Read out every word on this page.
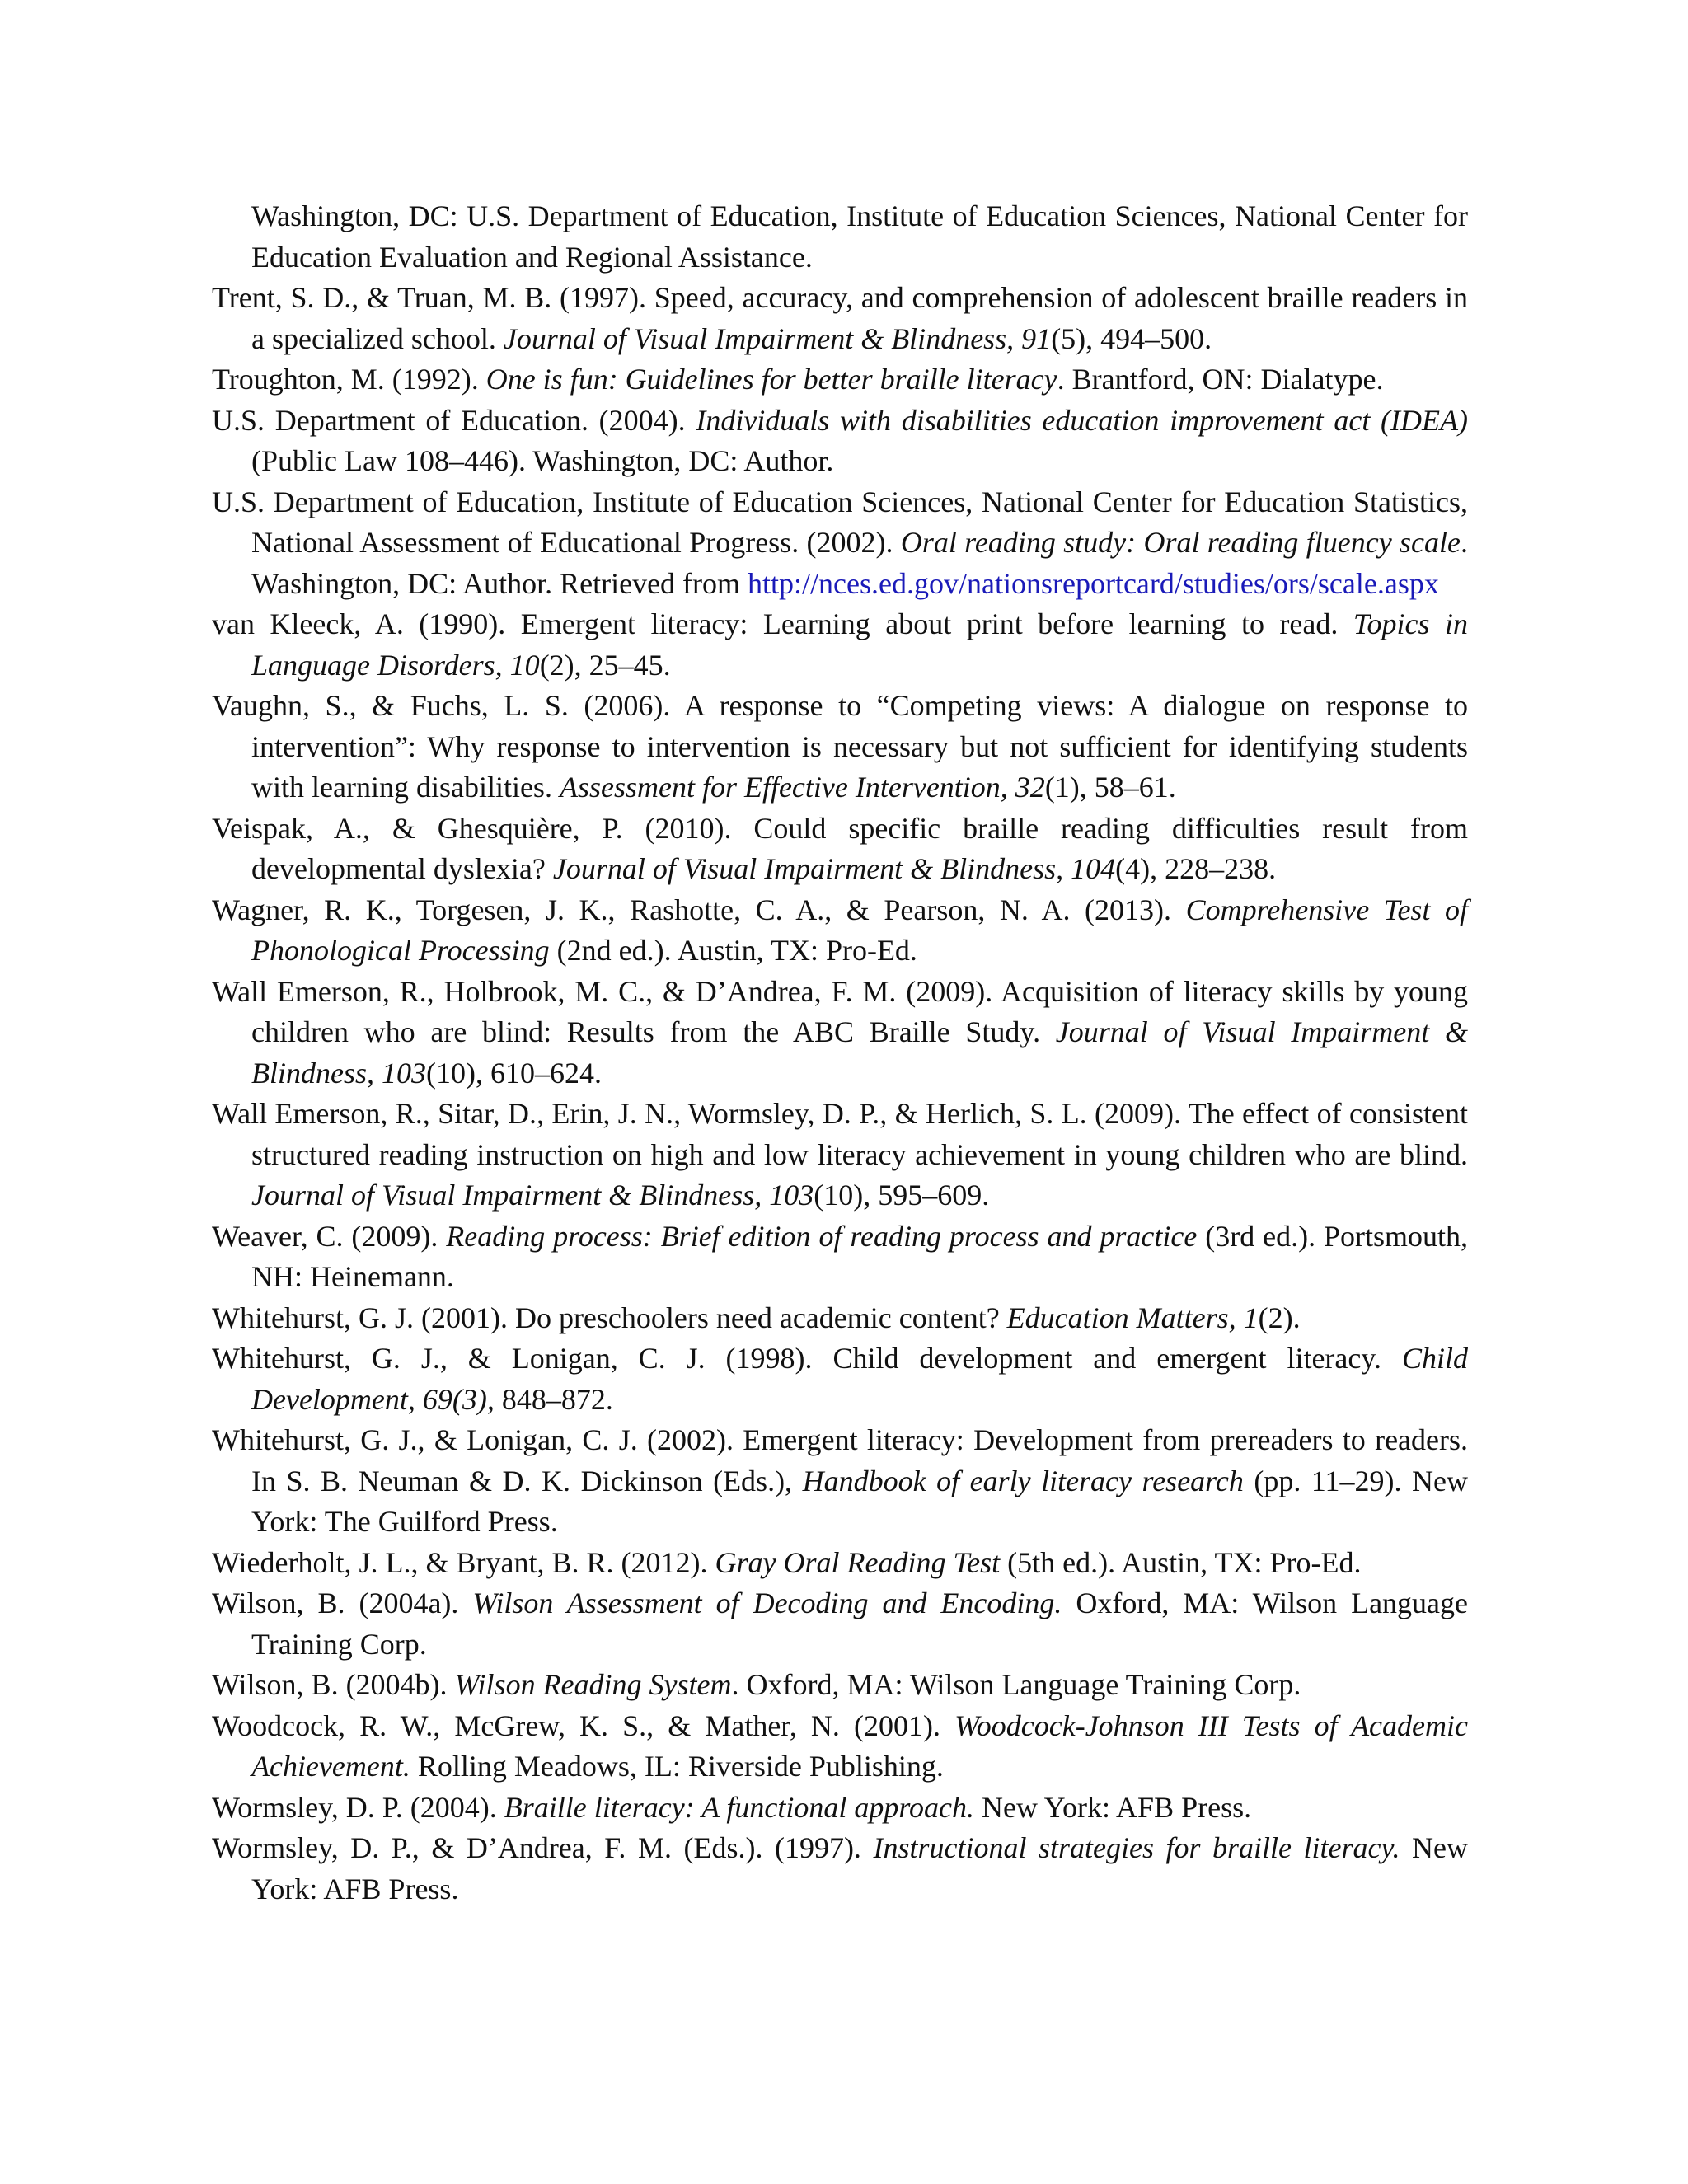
Washington, DC: U.S. Department of Education, Institute of Education Sciences, National Center for Education Evaluation and Regional Assistance.

Trent, S. D., & Truan, M. B. (1997). Speed, accuracy, and comprehension of adolescent braille readers in a specialized school. Journal of Visual Impairment & Blindness, 91(5), 494–500.

Troughton, M. (1992). One is fun: Guidelines for better braille literacy. Brantford, ON: Dialatype.

U.S. Department of Education. (2004). Individuals with disabilities education improvement act (IDEA) (Public Law 108–446). Washington, DC: Author.

U.S. Department of Education, Institute of Education Sciences, National Center for Education Statistics, National Assessment of Educational Progress. (2002). Oral reading study: Oral reading fluency scale. Washington, DC: Author. Retrieved from http://nces.ed.gov/nationsreportcard/studies/ors/scale.aspx

van Kleeck, A. (1990). Emergent literacy: Learning about print before learning to read. Topics in Language Disorders, 10(2), 25–45.

Vaughn, S., & Fuchs, L. S. (2006). A response to “Competing views: A dialogue on response to intervention”: Why response to intervention is necessary but not sufficient for identifying students with learning disabilities. Assessment for Effective Intervention, 32(1), 58–61.

Veispak, A., & Ghesquière, P. (2010). Could specific braille reading difficulties result from developmental dyslexia? Journal of Visual Impairment & Blindness, 104(4), 228–238.

Wagner, R. K., Torgesen, J. K., Rashotte, C. A., & Pearson, N. A. (2013). Comprehensive Test of Phonological Processing (2nd ed.). Austin, TX: Pro-Ed.

Wall Emerson, R., Holbrook, M. C., & D’Andrea, F. M. (2009). Acquisition of literacy skills by young children who are blind: Results from the ABC Braille Study. Journal of Visual Impairment & Blindness, 103(10), 610–624.

Wall Emerson, R., Sitar, D., Erin, J. N., Wormsley, D. P., & Herlich, S. L. (2009). The effect of consistent structured reading instruction on high and low literacy achievement in young children who are blind. Journal of Visual Impairment & Blindness, 103(10), 595–609.

Weaver, C. (2009). Reading process: Brief edition of reading process and practice (3rd ed.). Portsmouth, NH: Heinemann.

Whitehurst, G. J. (2001). Do preschoolers need academic content? Education Matters, 1(2).

Whitehurst, G. J., & Lonigan, C. J. (1998). Child development and emergent literacy. Child Development, 69(3), 848–872.

Whitehurst, G. J., & Lonigan, C. J. (2002). Emergent literacy: Development from prereaders to readers. In S. B. Neuman & D. K. Dickinson (Eds.), Handbook of early literacy research (pp. 11–29). New York: The Guilford Press.

Wiederholt, J. L., & Bryant, B. R. (2012). Gray Oral Reading Test (5th ed.). Austin, TX: Pro-Ed.

Wilson, B. (2004a). Wilson Assessment of Decoding and Encoding. Oxford, MA: Wilson Language Training Corp.

Wilson, B. (2004b). Wilson Reading System. Oxford, MA: Wilson Language Training Corp.

Woodcock, R. W., McGrew, K. S., & Mather, N. (2001). Woodcock-Johnson III Tests of Academic Achievement. Rolling Meadows, IL: Riverside Publishing.

Wormsley, D. P. (2004). Braille literacy: A functional approach. New York: AFB Press.

Wormsley, D. P., & D’Andrea, F. M. (Eds.). (1997). Instructional strategies for braille literacy. New York: AFB Press.
